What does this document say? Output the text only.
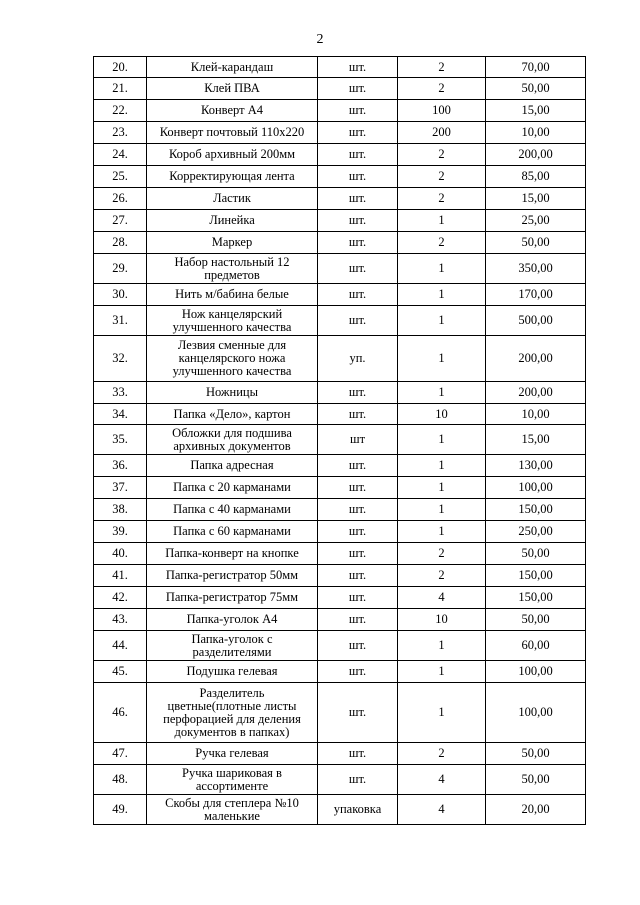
2
20.	Клей-карандаш	шт.	2	70,00
21.	Клей ПВА	шт.	2	50,00
22.	Конверт А4	шт.	100	15,00
23.	Конверт почтовый 110х220	шт.	200	10,00
24.	Короб архивный 200мм	шт.	2	200,00
25.	Корректирующая лента	шт.	2	85,00
26.	Ластик	шт.	2	15,00
27.	Линейка	шт.	1	25,00
28.	Маркер	шт.	2	50,00
29.	Набор настольный 12
предметов	шт.	1	350,00
30.	Нить м/бабина белые	шт.	1	170,00
31.	Нож канцелярский
улучшенного качества	шт.	1	500,00
32.	Лезвия сменные для
канцелярского ножа
улучшенного качества	уп.	1	200,00
33.	Ножницы	шт.	1	200,00
34.	Папка «Дело», картон	шт.	10	10,00
35.	Обложки для подшива
архивных документов	шт	1	15,00
36.	Папка адресная	шт.	1	130,00
37.	Папка с 20 карманами	шт.	1	100,00
38.	Папка с 40 карманами	шт.	1	150,00
39.	Папка с 60 карманами	шт.	1	250,00
40.	Папка-конверт на кнопке	шт.	2	50,00
41.	Папка-регистратор 50мм	шт.	2	150,00
42.	Папка-регистратор 75мм	шт.	4	150,00
43.	Папка-уголок А4	шт.	10	50,00
44.	Папка-уголок с
разделителями	шт.	1	60,00
45.	Подушка гелевая	шт.	1	100,00
46.	Разделитель
цветные(плотные листы
перфорацией для деления
документов в папках)	шт.	1	100,00
47.	Ручка гелевая	шт.	2	50,00
48.	Ручка шариковая в
ассортименте	шт.	4	50,00
49.	Скобы для степлера №10
маленькие	упаковка	4	20,00
